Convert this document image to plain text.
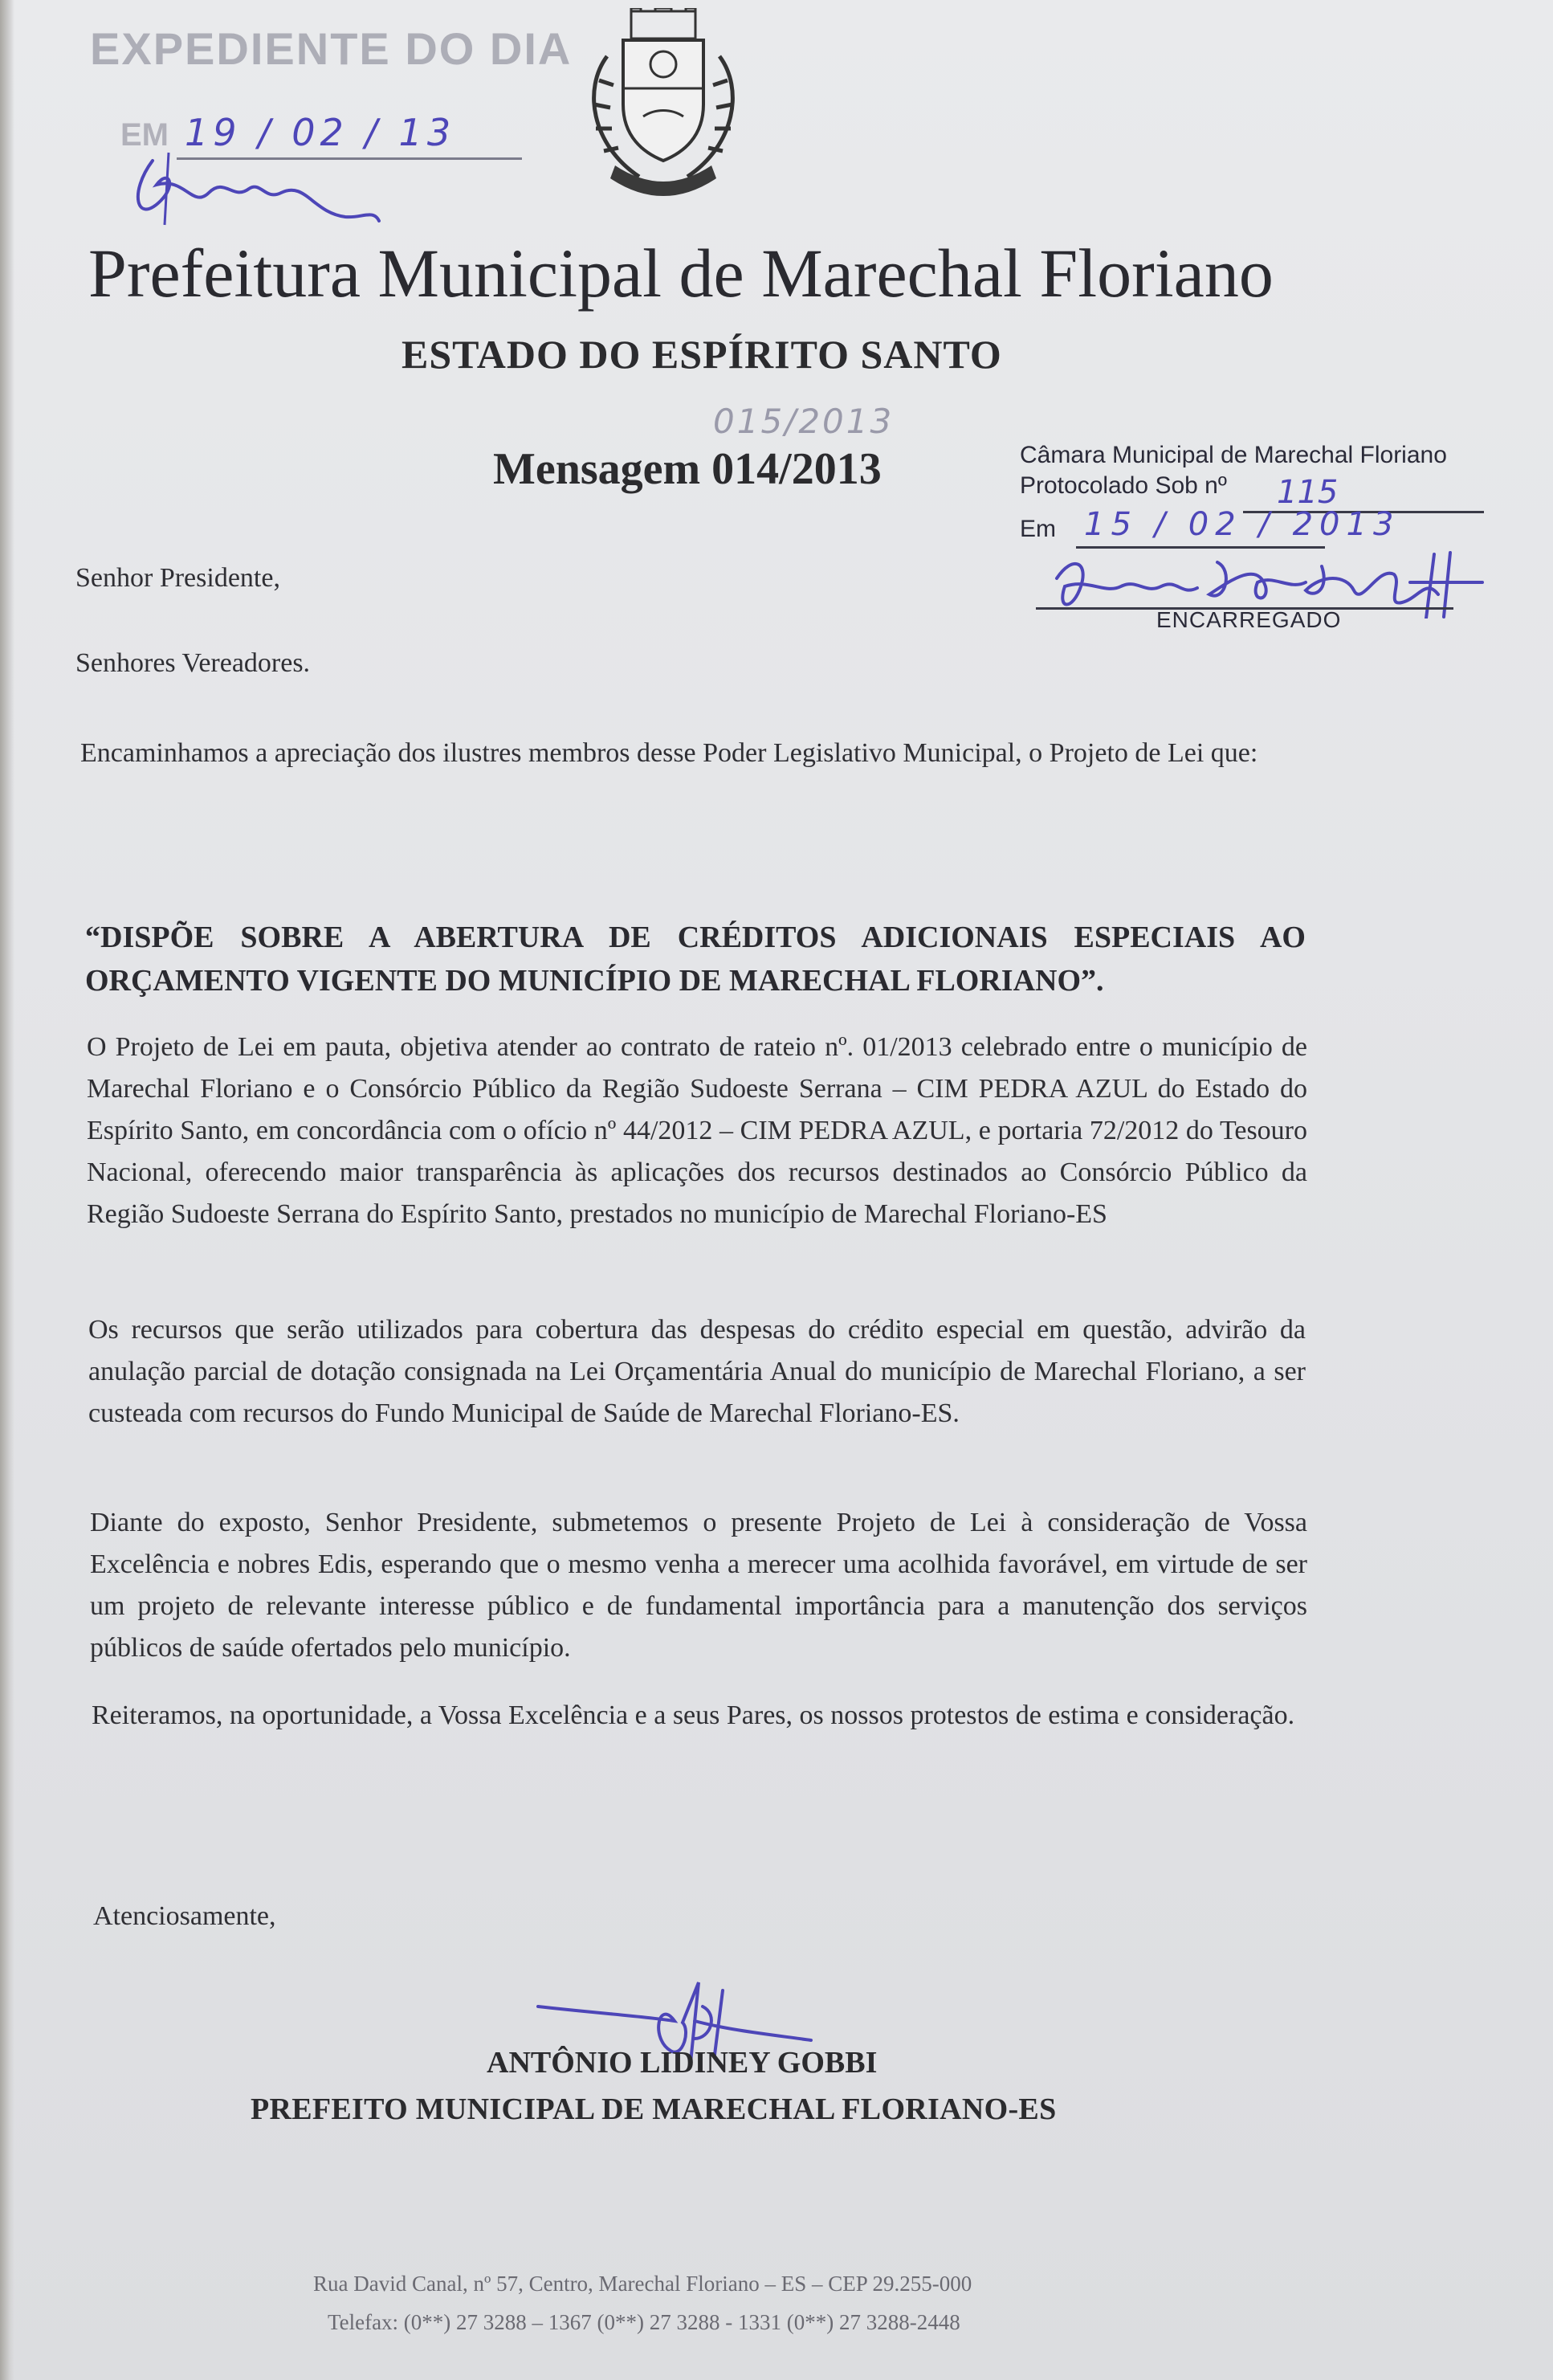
EXPEDIENTE DO DIA
EM 19 / 02 / 13
Prefeitura Municipal de Marechal Floriano
ESTADO DO ESPÍRITO SANTO
015/2013
Mensagem 014/2013	Câmara Municipal de Marechal Floriano
Protocolado Sob nº 115
Em 15 / 02 / 2013
ENCARREGADO
Senhor Presidente,
Senhores Vereadores.
Encaminhamos a apreciação dos ilustres membros desse Poder Legislativo Municipal, o Projeto de Lei que:
“DISPÕE SOBRE A ABERTURA DE CRÉDITOS ADICIONAIS ESPECIAIS AO ORÇAMENTO VIGENTE DO MUNICÍPIO DE MARECHAL FLORIANO”.
O Projeto de Lei em pauta, objetiva atender ao contrato de rateio nº. 01/2013 celebrado entre o município de Marechal Floriano e o Consórcio Público da Região Sudoeste Serrana – CIM PEDRA AZUL do Estado do Espírito Santo, em concordância com o ofício nº 44/2012 – CIM PEDRA AZUL, e portaria 72/2012 do Tesouro Nacional, oferecendo maior transparência às aplicações dos recursos destinados ao Consórcio Público da Região Sudoeste Serrana do Espírito Santo, prestados no município de Marechal Floriano-ES
Os recursos que serão utilizados para cobertura das despesas do crédito especial em questão, advirão da anulação parcial de dotação consignada na Lei Orçamentária Anual do município de Marechal Floriano, a ser custeada com recursos do Fundo Municipal de Saúde de Marechal Floriano-ES.
Diante do exposto, Senhor Presidente, submetemos o presente Projeto de Lei à consideração de Vossa Excelência e nobres Edis, esperando que o mesmo venha a merecer uma acolhida favorável, em virtude de ser um projeto de relevante interesse público e de fundamental importância para a manutenção dos serviços públicos de saúde ofertados pelo município.
Reiteramos, na oportunidade, a Vossa Excelência e a seus Pares, os nossos protestos de estima e consideração.
Atenciosamente,
ANTÔNIO LIDINEY GOBBI
PREFEITO MUNICIPAL DE MARECHAL FLORIANO-ES
Rua David Canal, nº 57, Centro, Marechal Floriano – ES – CEP 29.255-000
Telefax: (0**) 27 3288 – 1367 (0**) 27 3288 - 1331 (0**) 27 3288-2448
